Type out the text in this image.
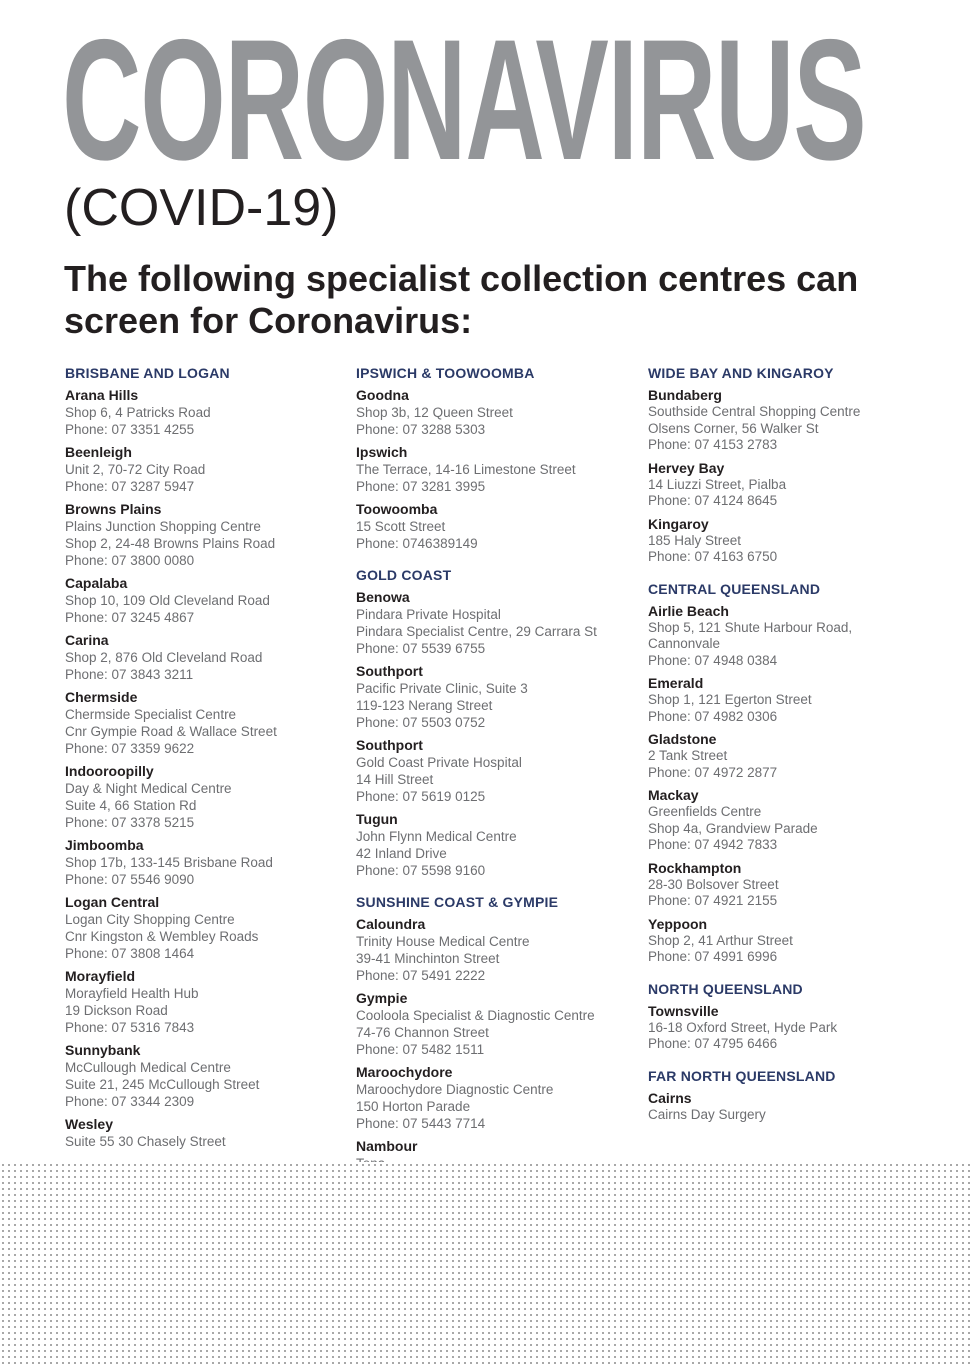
CORONAVIRUS
(COVID-19)
The following specialist collection centres can screen for Coronavirus:
BRISBANE AND LOGAN
Arana Hills
Shop 6, 4 Patricks Road
Phone: 07 3351 4255
Beenleigh
Unit 2, 70-72 City Road
Phone: 07 3287 5947
Browns Plains
Plains Junction Shopping Centre
Shop 2, 24-48 Browns Plains Road
Phone: 07 3800 0080
Capalaba
Shop 10, 109 Old Cleveland Road
Phone: 07 3245 4867
Carina
Shop 2, 876 Old Cleveland Road
Phone: 07 3843 3211
Chermside
Chermside Specialist Centre
Cnr Gympie Road & Wallace Street
Phone: 07 3359 9622
Indooroopilly
Day & Night Medical Centre
Suite 4, 66 Station Rd
Phone: 07 3378 5215
Jimboomba
Shop 17b, 133-145 Brisbane Road
Phone: 07 5546 9090
Logan Central
Logan City Shopping Centre
Cnr Kingston & Wembley Roads
Phone: 07 3808 1464
Morayfield
Morayfield Health Hub
19 Dickson Road
Phone: 07 5316 7843
Sunnybank
McCullough Medical Centre
Suite 21, 245 McCullough Street
Phone: 07 3344 2309
Wesley
Suite 55 30 Chasely Street
IPSWICH & TOOWOOMBA
Goodna
Shop 3b, 12 Queen Street
Phone: 07 3288 5303
Ipswich
The Terrace, 14-16 Limestone Street
Phone: 07 3281 3995
Toowoomba
15 Scott Street
Phone: 0746389149
GOLD COAST
Benowa
Pindara Private Hospital
Pindara Specialist Centre, 29 Carrara St
Phone: 07 5539 6755
Southport
Pacific Private Clinic, Suite 3
119-123 Nerang Street
Phone: 07 5503 0752
Southport
Gold Coast Private Hospital
14 Hill Street
Phone: 07 5619 0125
Tugun
John Flynn Medical Centre
42 Inland Drive
Phone: 07 5598 9160
SUNSHINE COAST & GYMPIE
Caloundra
Trinity House Medical Centre
39-41 Minchinton Street
Phone: 07 5491 2222
Gympie
Cooloola Specialist & Diagnostic Centre
74-76 Channon Street
Phone: 07 5482 1511
Maroochydore
Maroochydore Diagnostic Centre
150 Horton Parade
Phone: 07 5443 7714
Nambour
WIDE BAY AND KINGAROY
Bundaberg
Southside Central Shopping Centre
Olsens Corner, 56 Walker St
Phone: 07 4153 2783
Hervey Bay
14 Liuzzi Street, Pialba
Phone: 07 4124 8645
Kingaroy
185 Haly Street
Phone: 07 4163 6750
CENTRAL QUEENSLAND
Airlie Beach
Shop 5, 121 Shute Harbour Road,
Cannonvale
Phone: 07 4948 0384
Emerald
Shop 1, 121 Egerton Street
Phone: 07 4982 0306
Gladstone
2 Tank Street
Phone: 07 4972 2877
Mackay
Greenfields Centre
Shop 4a, Grandview Parade
Phone: 07 4942 7833
Rockhampton
28-30 Bolsover Street
Phone: 07 4921 2155
Yeppoon
Shop 2, 41 Arthur Street
Phone: 07 4991 6996
NORTH QUEENSLAND
Townsville
16-18 Oxford Street, Hyde Park
Phone: 07 4795 6466
FAR NORTH QUEENSLAND
Cairns
Cairns Day Surgery
